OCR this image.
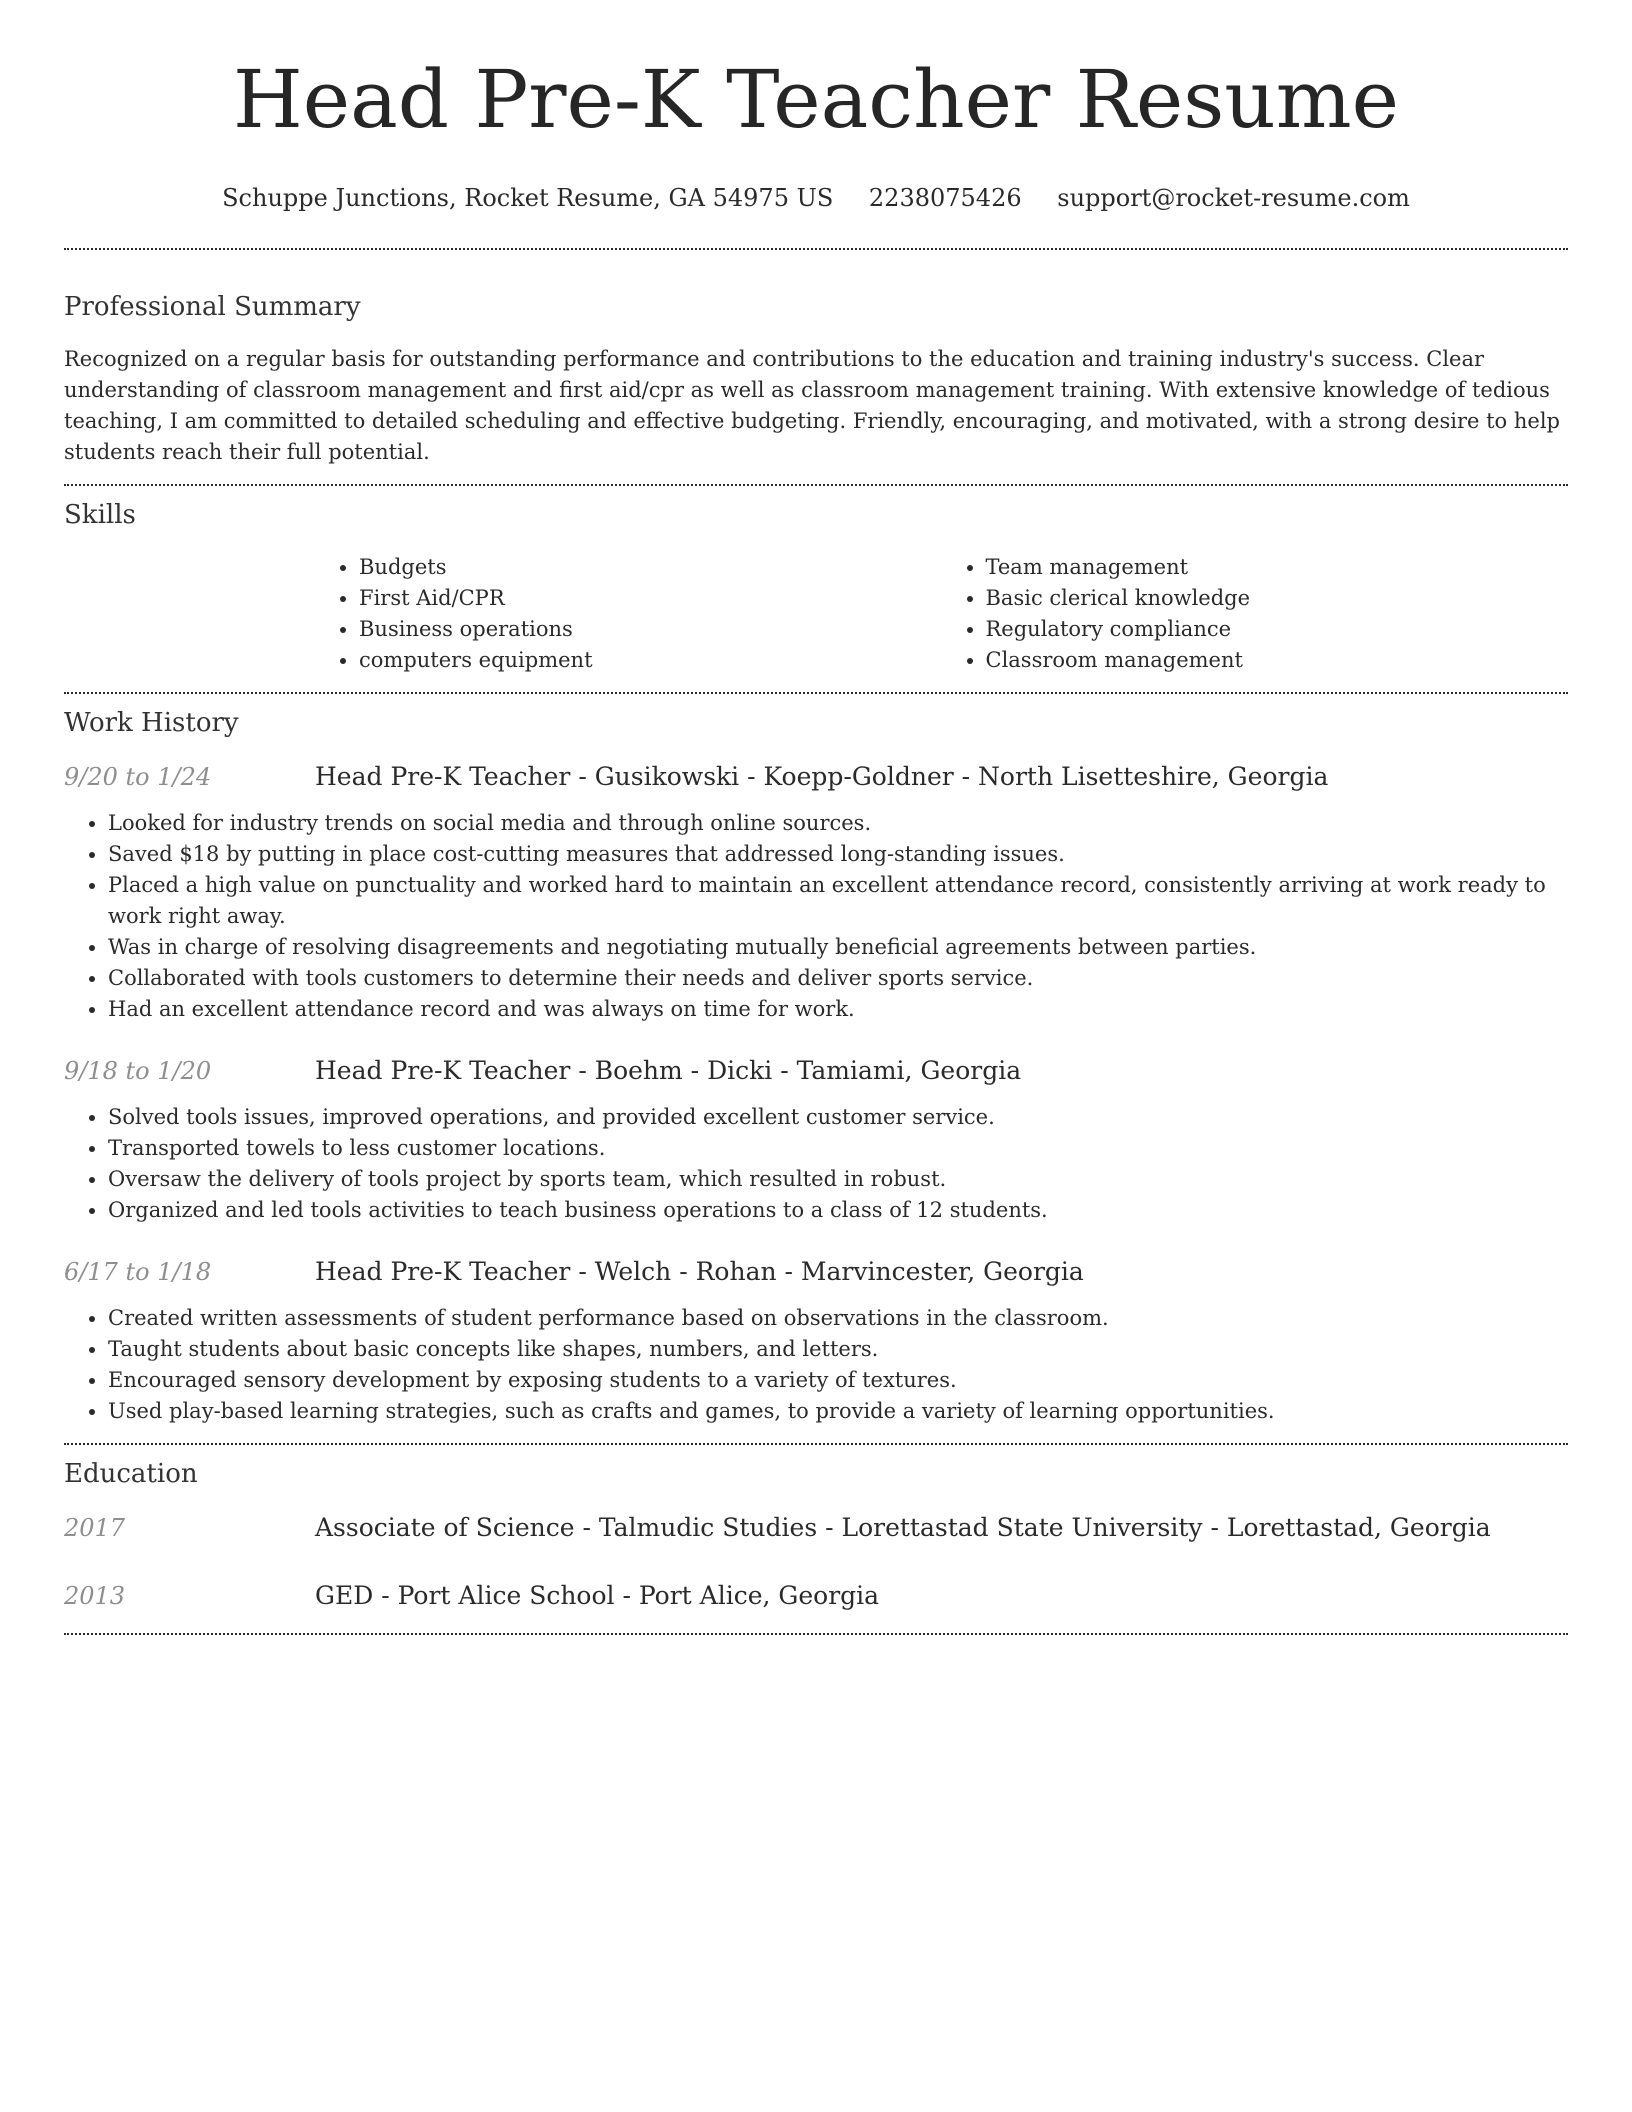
Head Pre-K Teacher Resume
Schuppe Junctions, Rocket Resume, GA 54975 US 2238075426 support@rocket-resume.com
Professional Summary

Recognized on a regular basis for outstanding performance and contributions to the education and training industry's success. Clear understanding of classroom management and first aid/cpr as well as classroom management training. With extensive knowledge of tedious teaching, I am committed to detailed scheduling and effective budgeting. Friendly, encouraging, and motivated, with a strong desire to help students reach their full potential.

Skills
• Budgets
• First Aid/CPR
• Business operations
• computers equipment
• Team management
• Basic clerical knowledge
• Regulatory compliance
• Classroom management
Work History
9/20 to 1/24	Head Pre-K Teacher - Gusikowski - Koepp-Goldner - North Lisetteshire, Georgia
• Looked for industry trends on social media and through online sources.
• Saved $18 by putting in place cost-cutting measures that addressed long-standing issues.
• Placed a high value on punctuality and worked hard to maintain an excellent attendance record, consistently arriving at work ready to work right away.
• Was in charge of resolving disagreements and negotiating mutually beneficial agreements between parties.
• Collaborated with tools customers to determine their needs and deliver sports service.
• Had an excellent attendance record and was always on time for work.
9/18 to 1/20	Head Pre-K Teacher - Boehm - Dicki - Tamiami, Georgia
• Solved tools issues, improved operations, and provided excellent customer service.
• Transported towels to less customer locations.
• Oversaw the delivery of tools project by sports team, which resulted in robust.
• Organized and led tools activities to teach business operations to a class of 12 students.
6/17 to 1/18	Head Pre-K Teacher - Welch - Rohan - Marvincester, Georgia
• Created written assessments of student performance based on observations in the classroom.
• Taught students about basic concepts like shapes, numbers, and letters.
• Encouraged sensory development by exposing students to a variety of textures.
• Used play-based learning strategies, such as crafts and games, to provide a variety of learning opportunities.
Education
2017	Associate of Science - Talmudic Studies - Lorettastad State University - Lorettastad, Georgia
2013	GED - Port Alice School - Port Alice, Georgia
